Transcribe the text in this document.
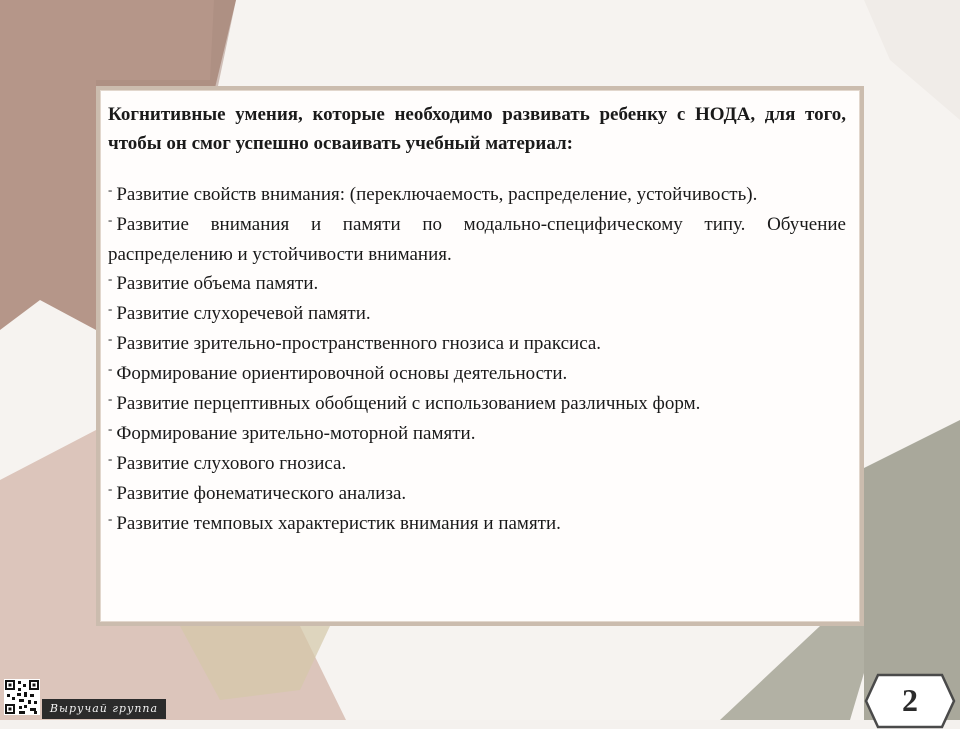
Когнитивные умения, которые необходимо развивать ребенку с НОДА, для того, чтобы он смог успешно осваивать учебный материал:

- Развитие свойств внимания: (переключаемость, распределение, устойчивость).

- Развитие внимания и памяти по модально-специфическому типу. Обучение распределению и устойчивости внимания.

- Развитие объема памяти.

- Развитие слухоречевой памяти.

- Развитие зрительно-пространственного гнозиса и праксиса.

- Формирование ориентировочной основы деятельности.

- Развитие перцептивных обобщений с использованием различных форм.

- Формирование зрительно-моторной памяти.

- Развитие слухового гнозиса.

- Развитие фонематического анализа.

- Развитие темповых характеристик внимания и памяти.

2
Выручай группа
